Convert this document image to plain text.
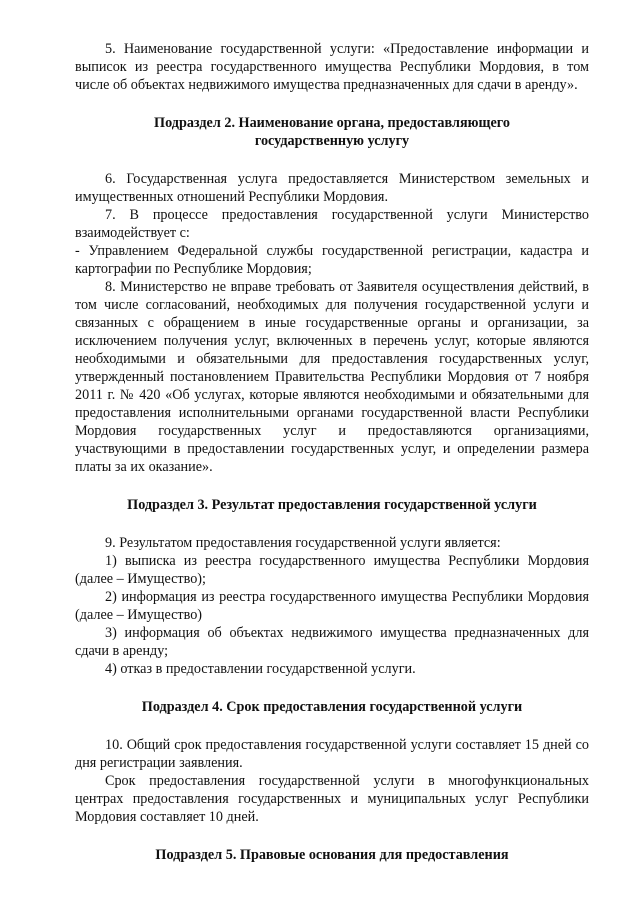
5. Наименование государственной услуги: «Предоставление информации и выписок из реестра государственного имущества Республики Мордовия, в том числе об объектах недвижимого имущества предназначенных для сдачи в аренду».

Подраздел 2. Наименование органа, предоставляющего государственную услугу

6. Государственная услуга предоставляется Министерством земельных и имущественных отношений Республики Мордовия.

7. В процессе предоставления государственной услуги Министерство взаимодействует с:

- Управлением Федеральной службы государственной регистрации, кадастра и картографии по Республике Мордовия;

8. Министерство не вправе требовать от Заявителя осуществления действий, в том числе согласований, необходимых для получения государственной услуги и связанных с обращением в иные государственные органы и организации, за исключением получения услуг, включенных в перечень услуг, которые являются необходимыми и обязательными для предоставления государственных услуг, утвержденный постановлением Правительства Республики Мордовия от 7 ноября 2011 г. № 420 «Об услугах, которые являются необходимыми и обязательными для предоставления исполнительными органами государственной власти Республики Мордовия государственных услуг и предоставляются организациями, участвующими в предоставлении государственных услуг, и определении размера платы за их оказание».

Подраздел 3. Результат предоставления государственной услуги

9. Результатом предоставления государственной услуги является:

1) выписка из реестра государственного имущества Республики Мордовия (далее – Имущество);

2) информация из реестра государственного имущества Республики Мордовия (далее – Имущество)

3) информация об объектах недвижимого имущества предназначенных для сдачи в аренду;

4) отказ в предоставлении государственной услуги.

Подраздел 4. Срок предоставления государственной услуги

10. Общий срок предоставления государственной услуги составляет 15 дней со дня регистрации заявления.

Срок предоставления государственной услуги в многофункциональных центрах предоставления государственных и муниципальных услуг Республики Мордовия составляет 10 дней.

Подраздел 5. Правовые основания для предоставления
